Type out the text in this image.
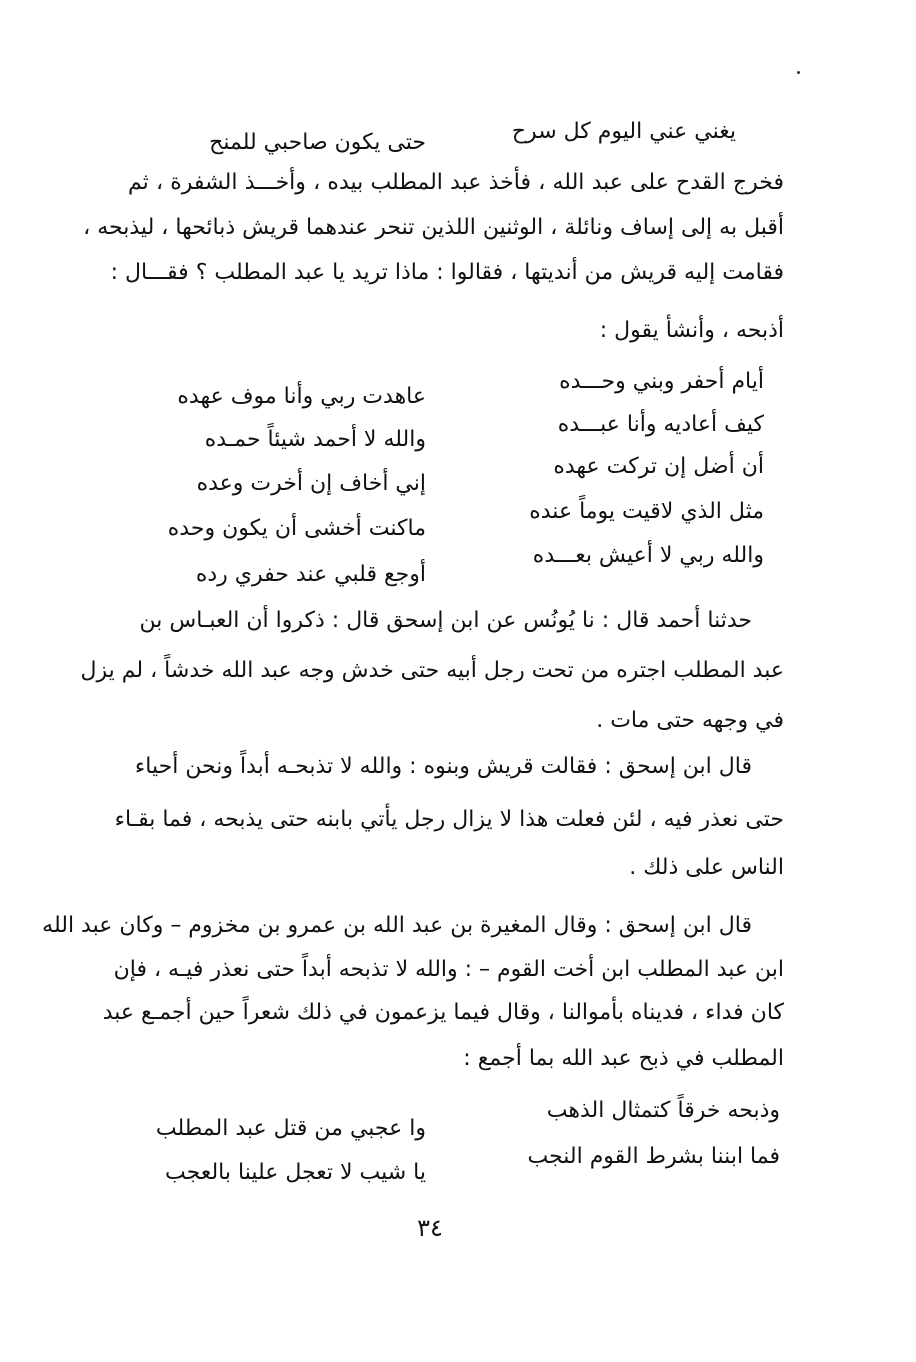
حتى يكون صاحبي للمنح	يغني عني اليوم كل سرح
فخرج القدح على عبد الله ، فأخذ عبد المطلب بيده ، وأخـــذ الشفرة ، ثم
أقبل به إلى إساف ونائلة ، الوثنين اللذين تنحر عندهما قريش ذبائحها ، ليذبحه ،
فقامت إليه قريش من أنديتها ، فقالوا : ماذا تريد يا عبد المطلب ؟ فقـــال :
أذبحه ، وأنشأ يقول :
عاهدت ربي وأنا موف عهده
أيام أحفر وبني وحـــده
والله لا أحمد شيئاً حمـده
كيف أعاديه وأنا عبـــده
إني أخاف إن أخرت وعده
أن أضل إن تركت عهده
ماكنت أخشى أن يكون وحده
مثل الذي لاقيت يوماً عنده
أوجع قلبي عند حفري رده
والله ربي لا أعيش بعـــده
حدثنا أحمد قال : نا يُونُس عن ابن إسحق قال : ذكروا أن العبـاس بن
عبد المطلب اجتره من تحت رجل أبيه حتى خدش وجه عبد الله خدشاً ، لم يزل
في وجهه حتى مات .
قال ابن إسحق : فقالت قريش وبنوه : والله لا تذبحـه أبداً ونحن أحياء
حتى نعذر فيه ، لئن فعلت هذا لا يزال رجل يأتي بابنه حتى يذبحه ، فما بقـاء
الناس على ذلك .
قال ابن إسحق : وقال المغيرة بن عبد الله بن عمرو بن مخزوم – وكان عبد الله
ابن عبد المطلب ابن أخت القوم – : والله لا تذبحه أبداً حتى نعذر فيـه ، فإن
كان فداء ، فديناه بأموالنا ، وقال فيما يزعمون في ذلك شعراً حين أجمـع عبد
المطلب في ذبح عبد الله بما أجمع :
وا عجبي من قتل عبد المطلب
وذبحه خرقاً كتمثال الذهب
يا شيب لا تعجل علينا بالعجب
فما ابننا بشرط القوم النجب
٣٤
